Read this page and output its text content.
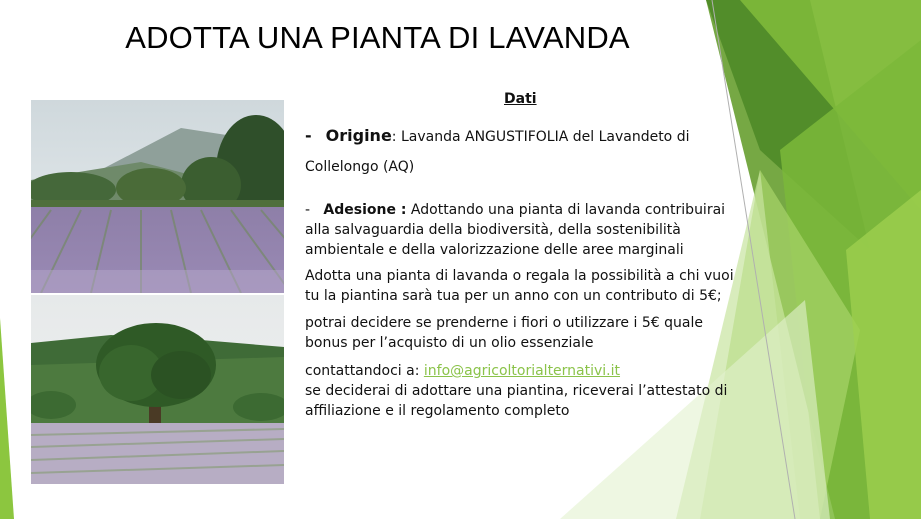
ADOTTA UNA PIANTA DI LAVANDA
Dati
- Origine: Lavanda ANGUSTIFOLIA del Lavandeto di
Collelongo (AQ)
- Adesione : Adottando una pianta di lavanda contribuirai alla salvaguardia della biodiversità, della sostenibilità ambientale e della valorizzazione delle aree marginali
Adotta una pianta di lavanda o regala la possibilità a chi vuoi tu la piantina sarà tua per un anno con un contributo di 5€;
potrai decidere se prenderne i fiori o utilizzare i 5€ quale bonus per l’acquisto di un olio essenziale
contattandoci a: info@agricoltorialternativi.it
se deciderai di adottare una piantina, riceverai l’attestato di affiliazione e il regolamento completo
